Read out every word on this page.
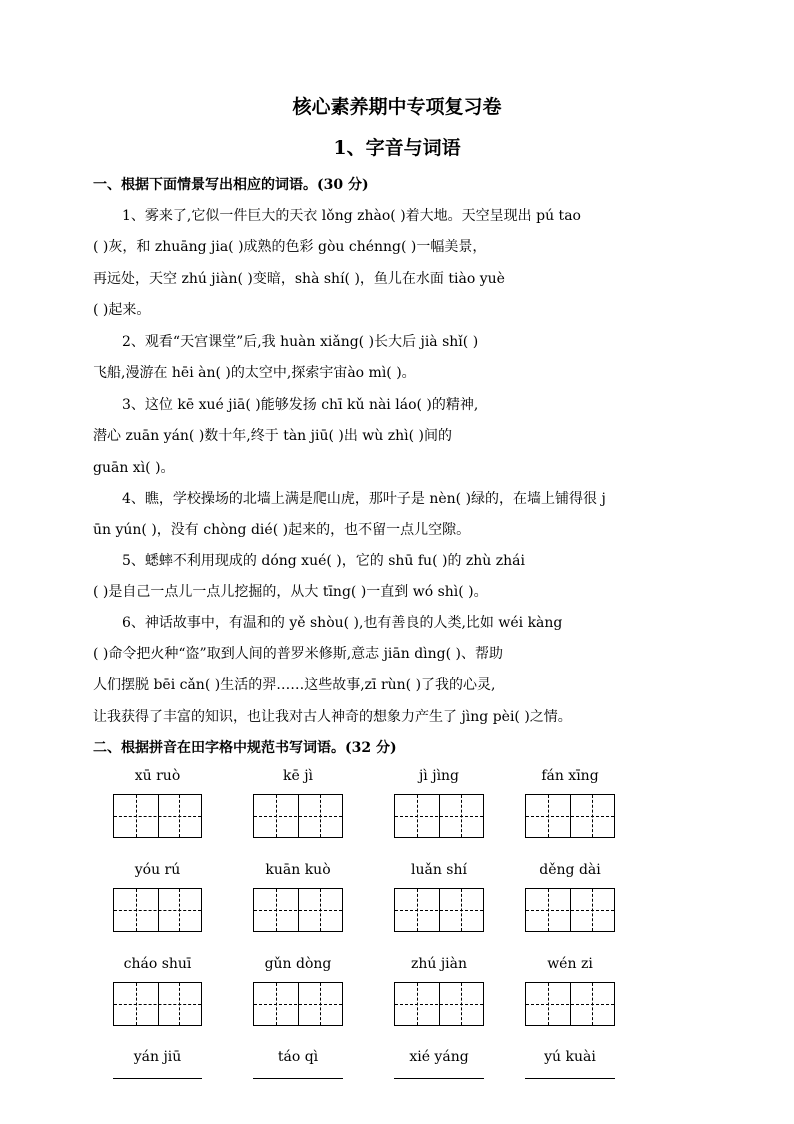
核心素养期中专项复习卷
1、字音与词语
一、根据下面情景写出相应的词语。(30 分)
二、根据拼音在田字格中规范书写词语。(32 分)
1、雾来了,它似一件巨大的天衣 lǒng zhào( )着大地。天空呈现出 pú tao
( )灰，和 zhuāng jia( )成熟的色彩 gòu chénng( )一幅美景，
再远处，天空 zhú jiàn( )变暗，shà shí( )，鱼儿在水面 tiào yuè
( )起来。
2、观看“天宫课堂”后,我 huàn xiǎng( )长大后 jià shǐ( )
飞船,漫游在 hēi àn( )的太空中,探索宇宙ào mì( )。
3、这位 kē xué jiā( )能够发扬 chī kǔ nài láo( )的精神,
潜心 zuān yán( )数十年,终于 tàn jiū( )出 wù zhì( )间的
guān xì( )。
4、瞧，学校操场的北墙上满是爬山虎，那叶子是 nèn( )绿的，在墙上铺得很 j
ūn yún( )，没有 chòng dié( )起来的，也不留一点儿空隙。
5、蟋蟀不利用现成的 dóng xué( )，它的 shū fu( )的 zhù zhái
( )是自己一点儿一点儿挖掘的，从大 tīng( )一直到 wó shì( )。
6、神话故事中，有温和的 yě shòu( ),也有善良的人类,比如 wéi kàng
( )命令把火种“盗”取到人间的普罗米修斯,意志 jiān dìng( )、帮助
人们摆脱 bēi cǎn( )生活的羿……这些故事,zī rùn( )了我的心灵,
让我获得了丰富的知识，也让我对古人神奇的想象力产生了 jìng pèi( )之情。
xū ruò	kē jì	jì jìng	fán xīng
yóu rú	kuān kuò	luǎn shí	děng dài
cháo shuī	gǔn dòng	zhú jiàn	wén zi
yán jiū	táo qì	xié yáng	yú kuài
